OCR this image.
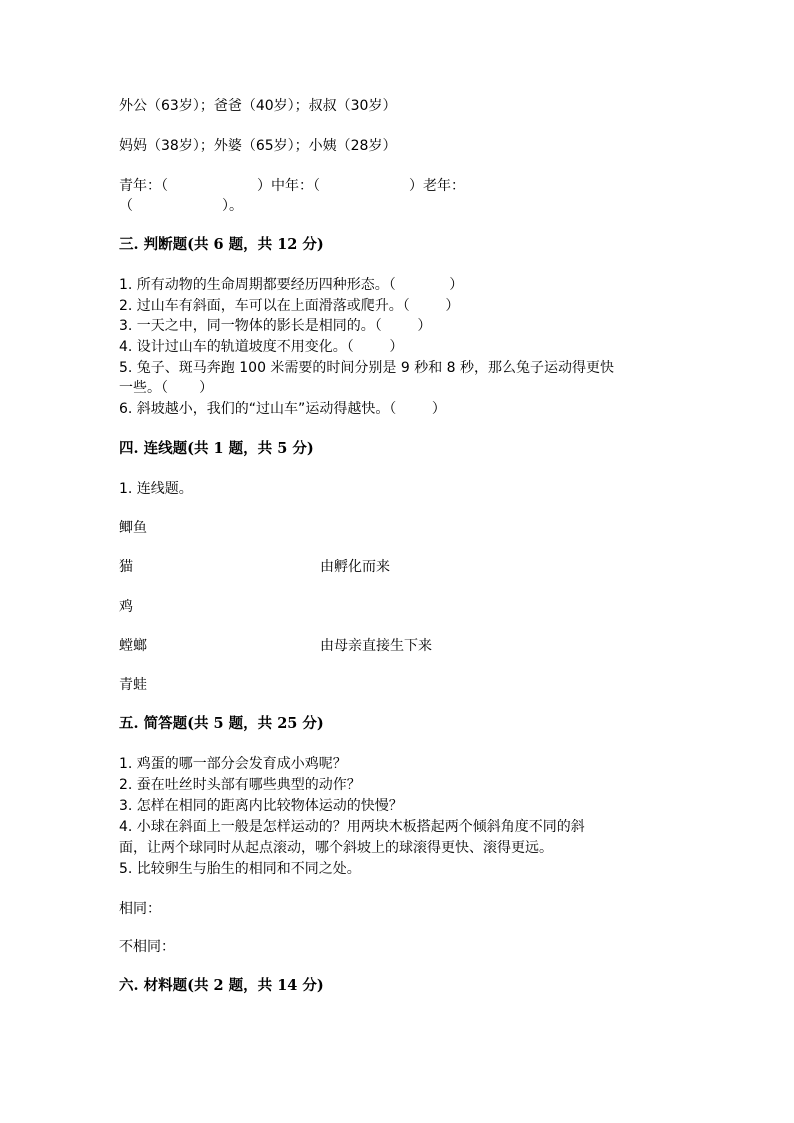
外公（63岁）；爸爸（40岁）；叔叔（30岁）
妈妈（38岁）；外婆（65岁）；小姨（28岁）
青年：（                    ）中年：（                    ）老年：
（                    ）。
三. 判断题(共 6 题，共 12 分)
1. 所有动物的生命周期都要经历四种形态。（            ）
2. 过山车有斜面，车可以在上面滑落或爬升。（        ）
3. 一天之中，同一物体的影长是相同的。（        ）
4. 设计过山车的轨道坡度不用变化。（        ）
5. 兔子、斑马奔跑 100 米需要的时间分别是 9 秒和 8 秒，那么兔子运动得更快
一些。（       ）
6. 斜坡越小，我们的“过山车”运动得越快。（        ）
四. 连线题(共 1 题，共 5 分)
1. 连线题。
鲫鱼
猫	由孵化而来
鸡
螳螂	由母亲直接生下来
青蛙
五. 简答题(共 5 题，共 25 分)
1. 鸡蛋的哪一部分会发育成小鸡呢？
2. 蚕在吐丝时头部有哪些典型的动作？
3. 怎样在相同的距离内比较物体运动的快慢？
4. 小球在斜面上一般是怎样运动的？用两块木板搭起两个倾斜角度不同的斜
面，让两个球同时从起点滚动，哪个斜坡上的球滚得更快、滚得更远。
5. 比较卵生与胎生的相同和不同之处。
相同：
不相同：
六. 材料题(共 2 题，共 14 分)
